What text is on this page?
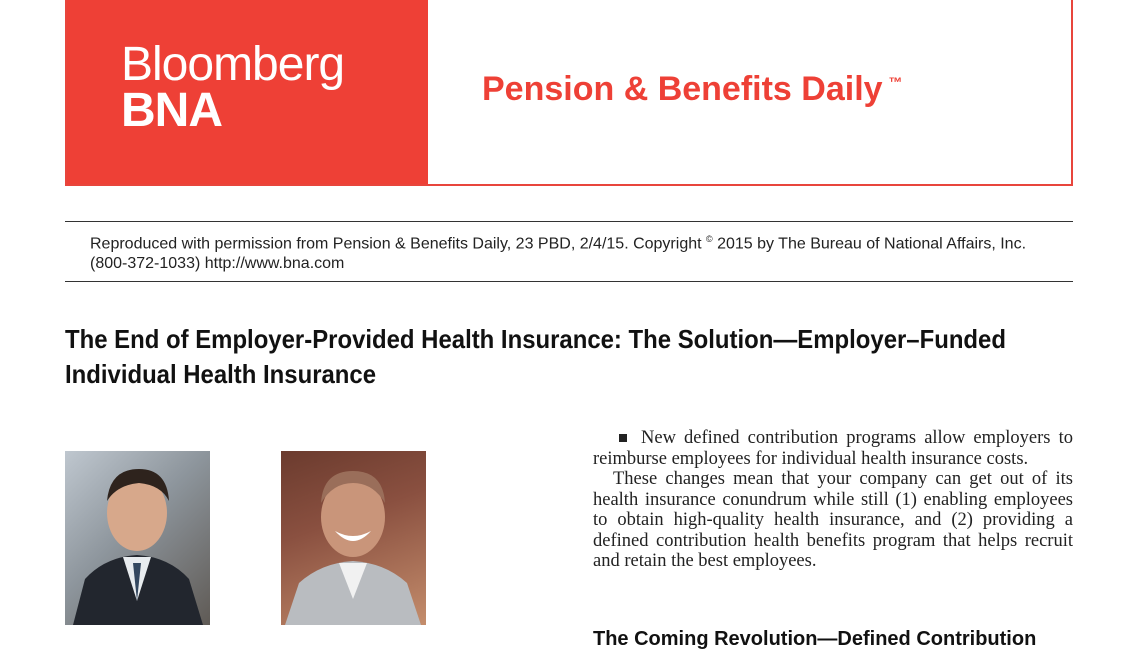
Bloomberg
BNA	Pension & Benefits Daily ™
Reproduced with permission from Pension & Benefits Daily, 23 PBD, 2/4/15. Copyright © 2015 by The Bureau of National Affairs, Inc. (800-372-1033) http://www.bna.com
The End of Employer-Provided Health Insurance: The Solution—Employer–Funded
Individual Health Insurance

New defined contribution programs allow employers to reimburse employees for individual health insurance costs.

These changes mean that your company can get out of its health insurance conundrum while still (1) enabling employees to obtain high-quality health insurance, and (2) providing a defined contribution health benefits program that helps recruit and retain the best employees.

The Coming Revolution—Defined Contribution
